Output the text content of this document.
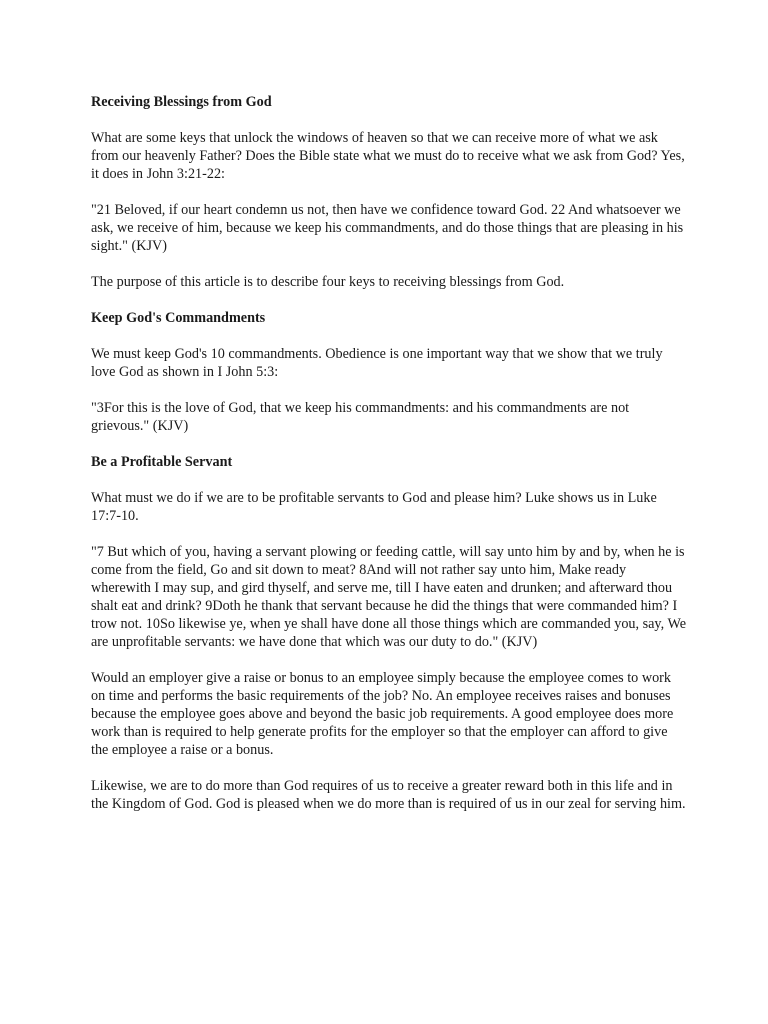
Receiving Blessings from God

What are some keys that unlock the windows of heaven so that we can receive more of what we ask from our heavenly Father? Does the Bible state what we must do to receive what we ask from God? Yes, it does in John 3:21-22:

"21 Beloved, if our heart condemn us not, then have we confidence toward God. 22 And whatsoever we ask, we receive of him, because we keep his commandments, and do those things that are pleasing in his sight." (KJV)

The purpose of this article is to describe four keys to receiving blessings from God.

Keep God's Commandments

We must keep God's 10 commandments. Obedience is one important way that we show that we truly love God as shown in I John 5:3:

"3For this is the love of God, that we keep his commandments: and his commandments are not grievous." (KJV)

Be a Profitable Servant

What must we do if we are to be profitable servants to God and please him? Luke shows us in Luke 17:7-10.

"7 But which of you, having a servant plowing or feeding cattle, will say unto him by and by, when he is come from the field, Go and sit down to meat? 8And will not rather say unto him, Make ready wherewith I may sup, and gird thyself, and serve me, till I have eaten and drunken; and afterward thou shalt eat and drink? 9Doth he thank that servant because he did the things that were commanded him? I trow not. 10So likewise ye, when ye shall have done all those things which are commanded you, say, We are unprofitable servants: we have done that which was our duty to do." (KJV)

Would an employer give a raise or bonus to an employee simply because the employee comes to work on time and performs the basic requirements of the job? No. An employee receives raises and bonuses because the employee goes above and beyond the basic job requirements. A good employee does more work than is required to help generate profits for the employer so that the employer can afford to give the employee a raise or a bonus.

Likewise, we are to do more than God requires of us to receive a greater reward both in this life and in the Kingdom of God. God is pleased when we do more than is required of us in our zeal for serving him.
